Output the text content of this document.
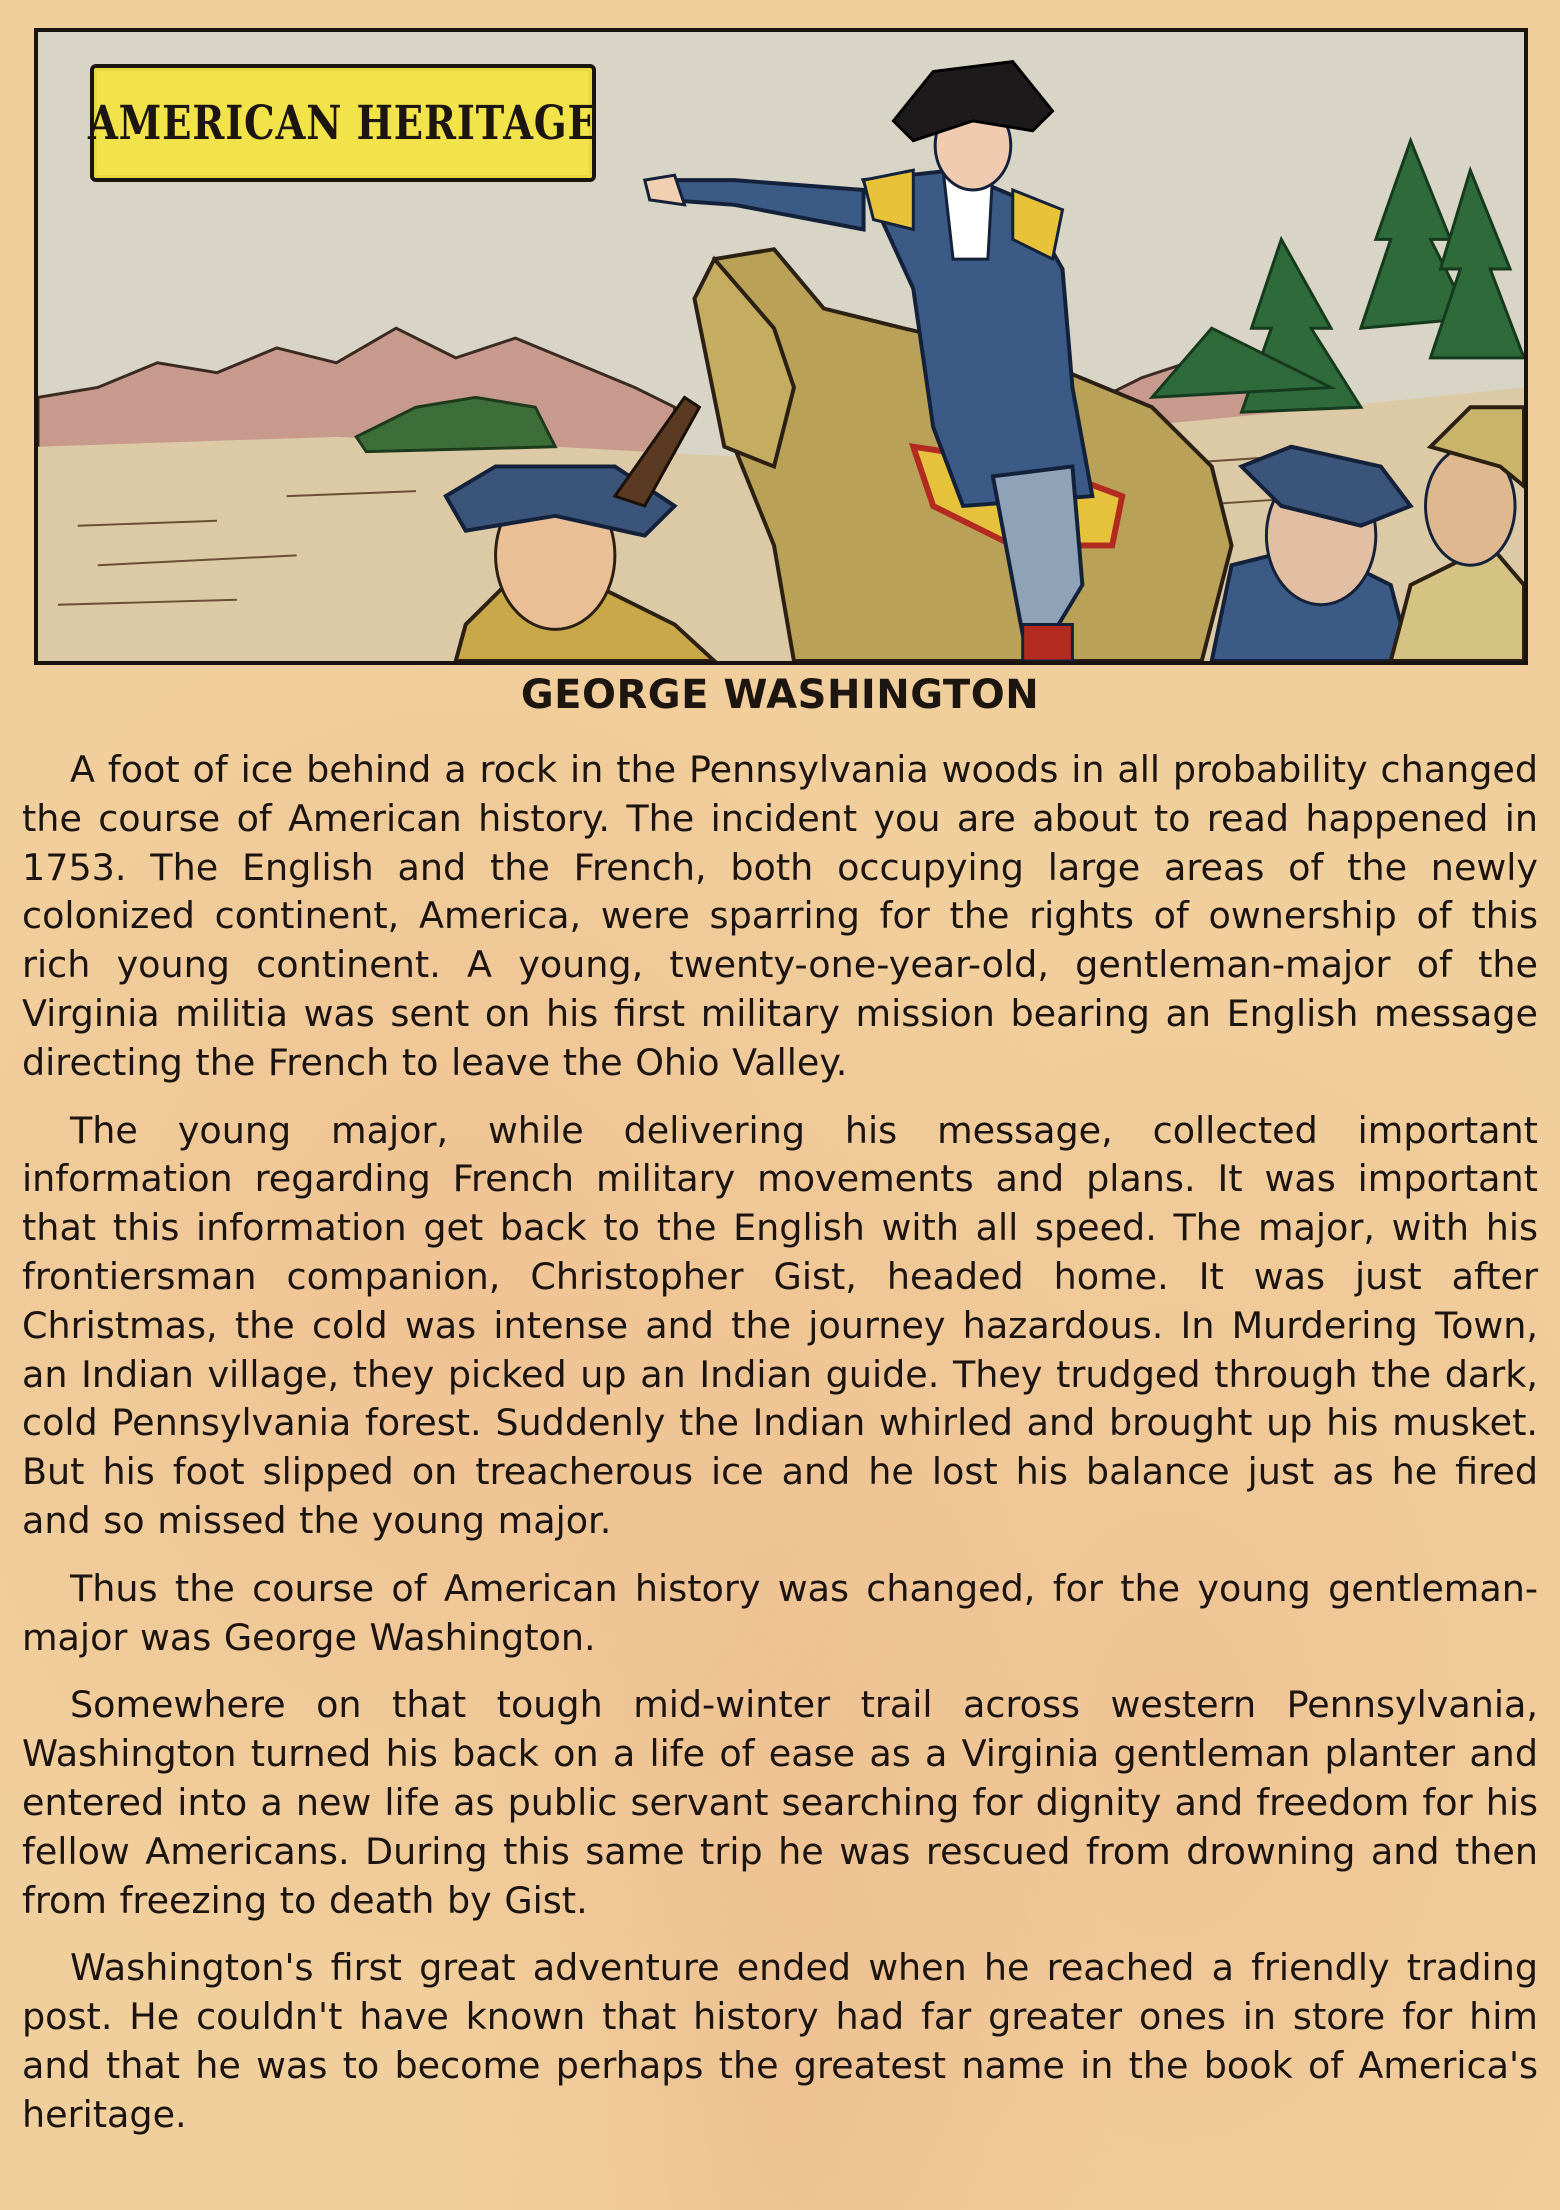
AMERICAN HERITAGE
GEORGE WASHINGTON

A foot of ice behind a rock in the Pennsylvania woods in all probability changed the course of American history. The incident you are about to read happened in 1753. The English and the French, both occupying large areas of the newly colonized continent, America, were sparring for the rights of ownership of this rich young continent. A young, twenty-one-year-old, gentleman-major of the Virginia militia was sent on his first military mission bearing an English message directing the French to leave the Ohio Valley.

The young major, while delivering his message, collected important information regarding French military movements and plans. It was important that this information get back to the English with all speed. The major, with his frontiersman companion, Christopher Gist, headed home. It was just after Christmas, the cold was intense and the journey hazardous. In Murdering Town, an Indian village, they picked up an Indian guide. They trudged through the dark, cold Pennsylvania forest. Suddenly the Indian whirled and brought up his musket. But his foot slipped on treacherous ice and he lost his balance just as he fired and so missed the young major.

Thus the course of American history was changed, for the young gentleman-major was George Washington.

Somewhere on that tough mid-winter trail across western Pennsylvania, Washington turned his back on a life of ease as a Virginia gentleman planter and entered into a new life as public servant searching for dignity and freedom for his fellow Americans. During this same trip he was rescued from drowning and then from freezing to death by Gist.

Washington's first great adventure ended when he reached a friendly trading post. He couldn't have known that history had far greater ones in store for him and that he was to become perhaps the greatest name in the book of America's heritage.
